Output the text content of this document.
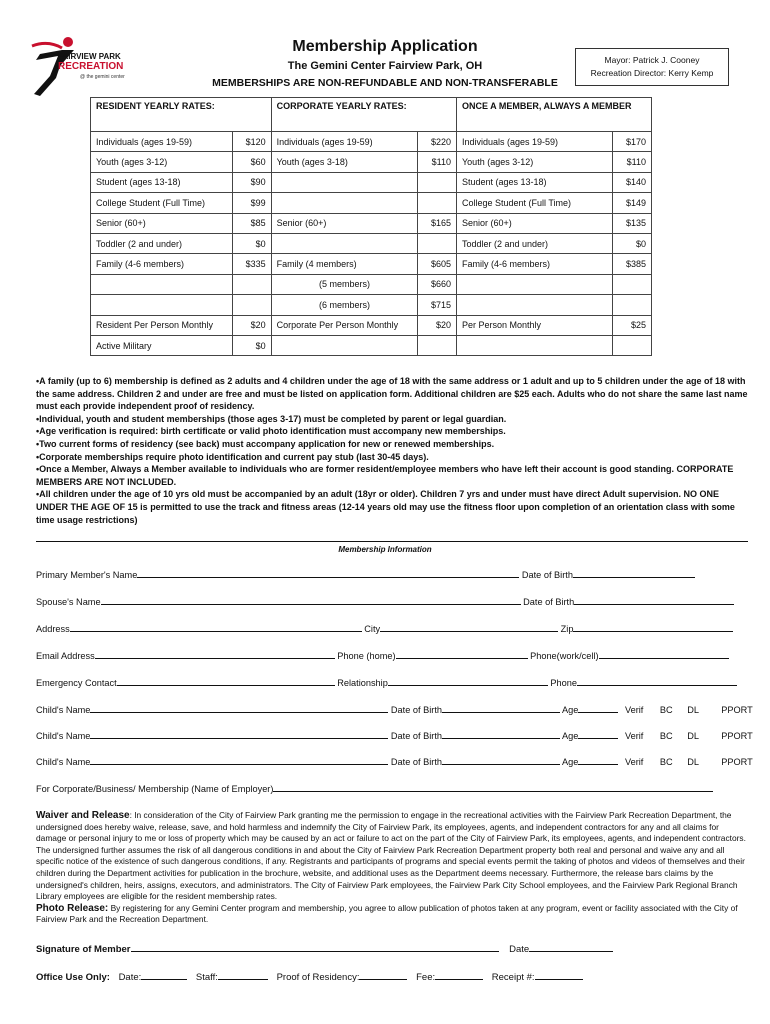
FAIRVIEW PARK
RECREATION
@ the gemini center
Membership Application
The Gemini Center Fairview Park, OH
MEMBERSHIPS ARE NON-REFUNDABLE AND NON-TRANSFERABLE
Mayor: Patrick J. Cooney
Recreation Director: Kerry Kemp
RESIDENT YEARLY RATES:		CORPORATE YEARLY RATES:		ONCE A MEMBER, ALWAYS A MEMBER	
Individuals (ages 19-59)	$120	Individuals (ages 19-59)	$220	Individuals (ages 19-59)	$170
Youth (ages 3-12)	$60	Youth (ages 3-18)	$110	Youth (ages 3-12)	$110
Student (ages 13-18)	$90			Student (ages 13-18)	$140
College Student (Full Time)	$99			College Student (Full Time)	$149
Senior (60+)	$85	Senior (60+)	$165	Senior (60+)	$135
Toddler (2 and under)	$0			Toddler (2 and under)	$0
Family (4-6 members)	$335	Family (4 members)	$605	Family (4-6 members)	$385
		(5 members)	$660		
		(6 members)	$715		
Resident Per Person Monthly	$20	Corporate Per Person Monthly	$20	Per Person Monthly	$25
Active Military	$0				

•A family (up to 6) membership is defined as 2 adults and 4 children under the age of 18 with the same address or 1 adult and up to 5 children under the age of 18 with the same address. Children 2 and under are free and must be listed on application form. Additional children are $25 each. Adults who do not share the same last name must each provide independent proof of residency.

•Individual, youth and student memberships (those ages 3-17) must be completed by parent or legal guardian.

•Age verification is required: birth certificate or valid photo identification must accompany new memberships.

•Two current forms of residency (see back) must accompany application for new or renewed memberships.

•Corporate memberships require photo identification and current pay stub (last 30-45 days).

•Once a Member, Always a Member available to individuals who are former resident/employee members who have left their account is good standing. CORPORATE MEMBERS ARE NOT INCLUDED.

•All children under the age of 10 yrs old must be accompanied by an adult (18yr or older). Children 7 yrs and under must have direct Adult supervision. NO ONE UNDER THE AGE OF 15 is permitted to use the track and fitness areas (12-14 years old may use the fitness floor upon completion of an orientation class with some time usage restrictions)

Membership Information
Primary Member's Name	Date of Birth
Spouse's Name	Date of Birth
Address	City	Zip
Email Address	Phone (home)	Phone(work/cell)
Emergency Contact	Relationship	Phone
Child's Name	Date of Birth	Age	Verif BC DL PPORT
Child's Name	Date of Birth	Age	Verif BC DL PPORT
Child's Name	Date of Birth	Age	Verif BC DL PPORT
For Corporate/Business/ Membership (Name of Employer)

Waiver and Release: In consideration of the City of Fairview Park granting me the permission to engage in the recreational activities with the Fairview Park Recreation Department, the undersigned does hereby waive, release, save, and hold harmless and indemnify the City of Fairview Park, its employees, agents, and independent contractors for any and all claims for damage or personal injury to me or loss of property which may be caused by an act or failure to act on the part of the City of Fairview Park, its employees, agents, and independent contractors. The undersigned further assumes the risk of all dangerous conditions in and about the City of Fairview Park Recreation Department property both real and personal and waive any and all specific notice of the existence of such dangerous conditions, if any. Registrants and participants of programs and special events permit the taking of photos and videos of themselves and their children during the Department activities for publication in the brochure, website, and additional uses as the Department deems necessary. Furthermore, the release bars claims by the undersigned's children, heirs, assigns, executors, and administrators. The City of Fairview Park employees, the Fairview Park City School employees, and the Fairview Park Regional Branch Library employees are eligible for the resident membership rates.

Photo Release: By registering for any Gemini Center program and membership, you agree to allow publication of photos taken at any program, event or facility associated with the City of Fairview Park and the Recreation Department.

Signature of Member	Date
Office Use Only: Date:	Staff:	Proof of Residency:	Fee:	Receipt #:
